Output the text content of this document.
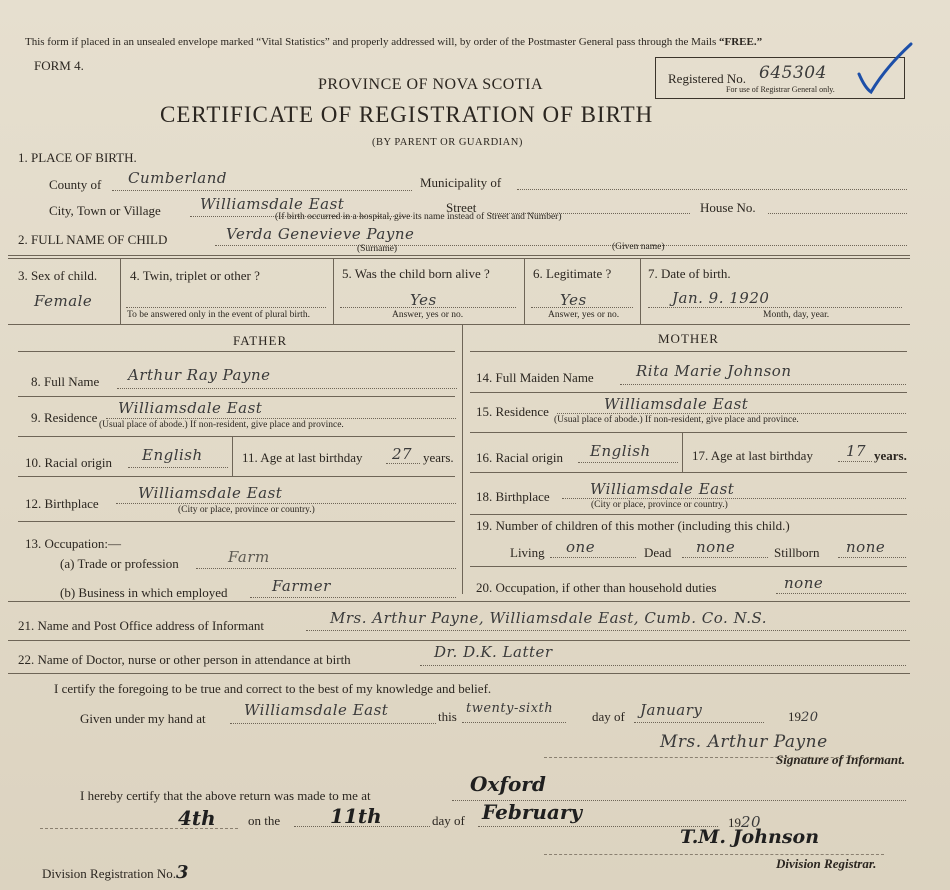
This form if placed in an unsealed envelope marked “Vital Statistics” and properly addressed will, by order of the Postmaster General pass through the Mails “FREE.”
FORM 4.
PROVINCE OF NOVA SCOTIA
CERTIFICATE OF REGISTRATION OF BIRTH
(BY PARENT OR GUARDIAN)
Registered No. 645304
For use of Registrar General only.
1. PLACE OF BIRTH.
County of Cumberland	Municipality of
City, Town or Village	Williamsdale East	Street	House No.
(If birth occurred in a hospital, give its name instead of Street and Number)
2. FULL NAME OF CHILD	Verda Genevieve Payne
(Surname)	(Given name)
3. Sex of child.
Female
4. Twin, triplet or other ?
To be answered only in the event of plural birth.
5. Was the child born alive ?
Yes
Answer, yes or no.
6. Legitimate ?
Yes
Answer, yes or no.
7. Date of birth.
Jan. 9. 1920
Month, day, year.
FATHER	MOTHER
8. Full Name Arthur Ray Payne
9. Residence
Williamsdale East
(Usual place of abode.) If non-resident, give place and province.
10. Racial origin English	11. Age at last birthday 27 years.
12. Birthplace
Williamsdale East
(City or place, province or country.)
13. Occupation:—
(a) Trade or profession	Farm
(b) Business in which employed	Farmer
14. Full Maiden Name	Rita Marie Johnson
15. Residence	Williamsdale East
(Usual place of abode.) If non-resident, give place and province.
16. Racial origin English	17. Age at last birthday 17 years.
18. Birthplace	Williamsdale East
(City or place, province or country.)
19. Number of children of this mother (including this child.)
Living one	Dead none	Stillborn none
20. Occupation, if other than household duties	none
21. Name and Post Office address of Informant	Mrs. Arthur Payne, Williamsdale East, Cumb. Co. N.S.
22. Name of Doctor, nurse or other person in attendance at birth	Dr. D.K. Latter
I certify the foregoing to be true and correct to the best of my knowledge and belief.
Given under my hand at	Williamsdale East	this
twenty-sixth
day of January	1920
Mrs. Arthur Payne
Signature of Informant.
I hereby certify that the above return was made to me at	Oxford
4th on the 11th	day of February	1920
T.M. Johnson
Division Registrar.
Division Registration No.3
